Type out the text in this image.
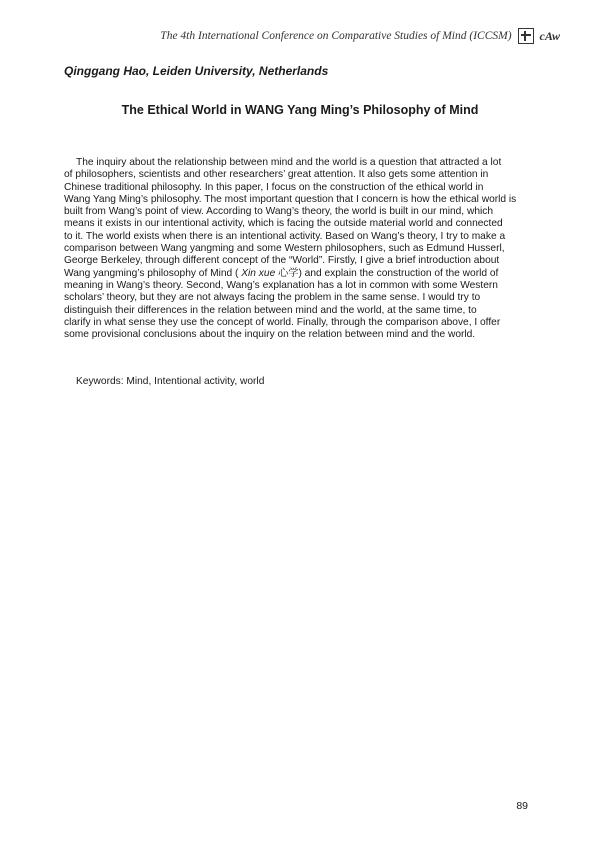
The 4th International Conference on Comparative Studies of Mind (ICCSM) cAw
Qinggang Hao, Leiden University, Netherlands
The Ethical World in WANG Yang Ming’s Philosophy of Mind
The inquiry about the relationship between mind and the world is a question that attracted a lot
of philosophers, scientists and other researchers’ great attention. It also gets some attention in
Chinese traditional philosophy. In this paper, I focus on the construction of the ethical world in
Wang Yang Ming’s philosophy. The most important question that I concern is how the ethical world is
built from Wang’s point of view. According to Wang’s theory, the world is built in our mind, which
means it exists in our intentional activity, which is facing the outside material world and connected
to it. The world exists when there is an intentional activity. Based on Wang’s theory, I try to make a
comparison between Wang yangming and some Western philosophers, such as Edmund Husserl,
George Berkeley, through different concept of the “World”. Firstly, I give a brief introduction about
Wang yangming’s philosophy of Mind ( Xin xue 心学) and explain the construction of the world of
meaning in Wang’s theory. Second, Wang’s explanation has a lot in common with some Western
scholars’ theory, but they are not always facing the problem in the same sense. I would try to
distinguish their differences in the relation between mind and the world, at the same time, to
clarify in what sense they use the concept of world. Finally, through the comparison above, I offer
some provisional conclusions about the inquiry on the relation between mind and the world.
Keywords: Mind, Intentional activity, world
89
